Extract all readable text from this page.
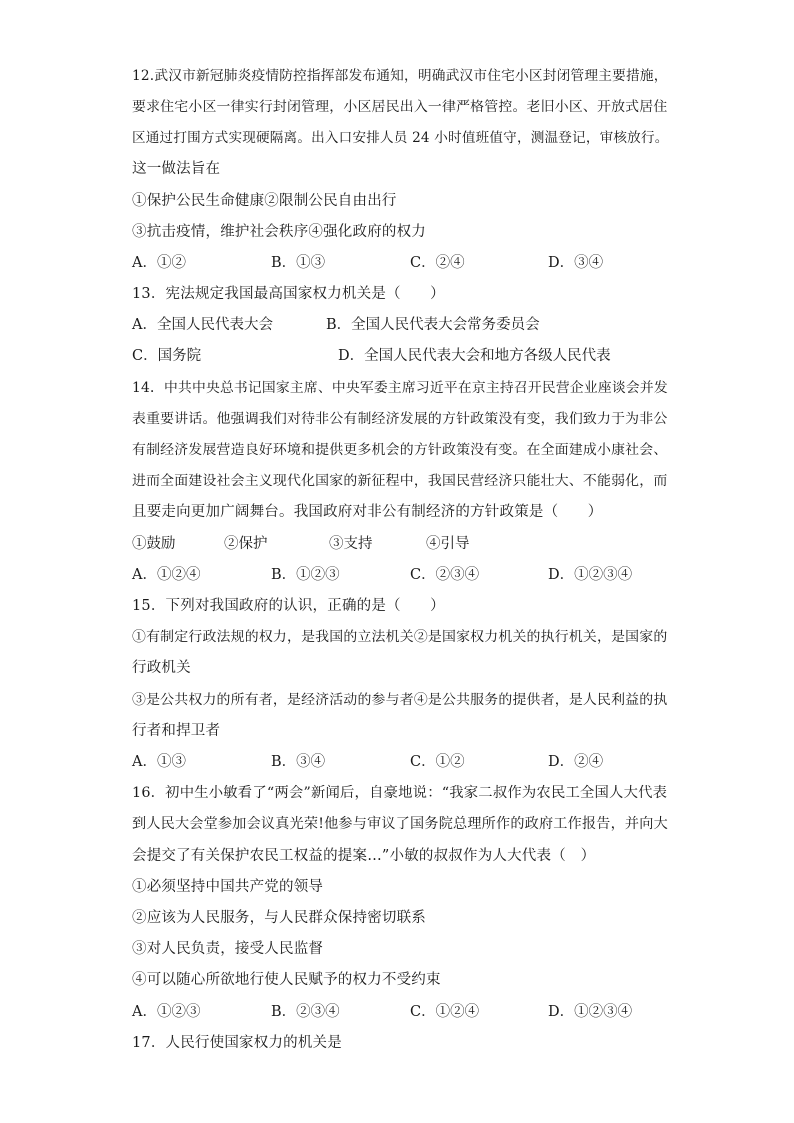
12.武汉市新冠肺炎疫情防控指挥部发布通知，明确武汉市住宅小区封闭管理主要措施，
要求住宅小区一律实行封闭管理，小区居民出入一律严格管控。老旧小区、开放式居住
区通过打围方式实现硬隔离。出入口安排人员 24 小时值班值守，测温登记，审核放行。
这一做法旨在
①保护公民生命健康②限制公民自由出行
③抗击疫情，维护社会秩序④强化政府的权力
A．①②	B．①③	C．②④	D．③④
13．宪法规定我国最高国家权力机关是（　　）
A．全国人民代表大会	B．全国人民代表大会常务委员会
C．国务院	D．全国人民代表大会和地方各级人民代表
14．中共中央总书记国家主席、中央军委主席习近平在京主持召开民营企业座谈会并发
表重要讲话。他强调我们对待非公有制经济发展的方针政策没有变，我们致力于为非公
有制经济发展营造良好环境和提供更多机会的方针政策没有变。在全面建成小康社会、
进而全面建设社会主义现代化国家的新征程中，我国民营经济只能壮大、不能弱化，而
且要走向更加广阔舞台。我国政府对非公有制经济的方针政策是（　　）
①鼓励	②保护	③支持	④引导
A．①②④	B．①②③	C．②③④	D．①②③④
15．下列对我国政府的认识，正确的是（　　）
①有制定行政法规的权力，是我国的立法机关②是国家权力机关的执行机关，是国家的
行政机关
③是公共权力的所有者，是经济活动的参与者④是公共服务的提供者，是人民利益的执
行者和捍卫者
A．①③	B．③④	C．①②	D．②④
16．初中生小敏看了“两会”新闻后，自豪地说：“我家二叔作为农民工全国人大代表
到人民大会堂参加会议真光荣!他参与审议了国务院总理所作的政府工作报告，并向大
会提交了有关保护农民工权益的提案…”小敏的叔叔作为人大代表（　）
①必须坚持中国共产党的领导
②应该为人民服务，与人民群众保持密切联系
③对人民负责，接受人民监督
④可以随心所欲地行使人民赋予的权力不受约束
A．①②③	B．②③④	C．①②④	D．①②③④
17．人民行使国家权力的机关是
